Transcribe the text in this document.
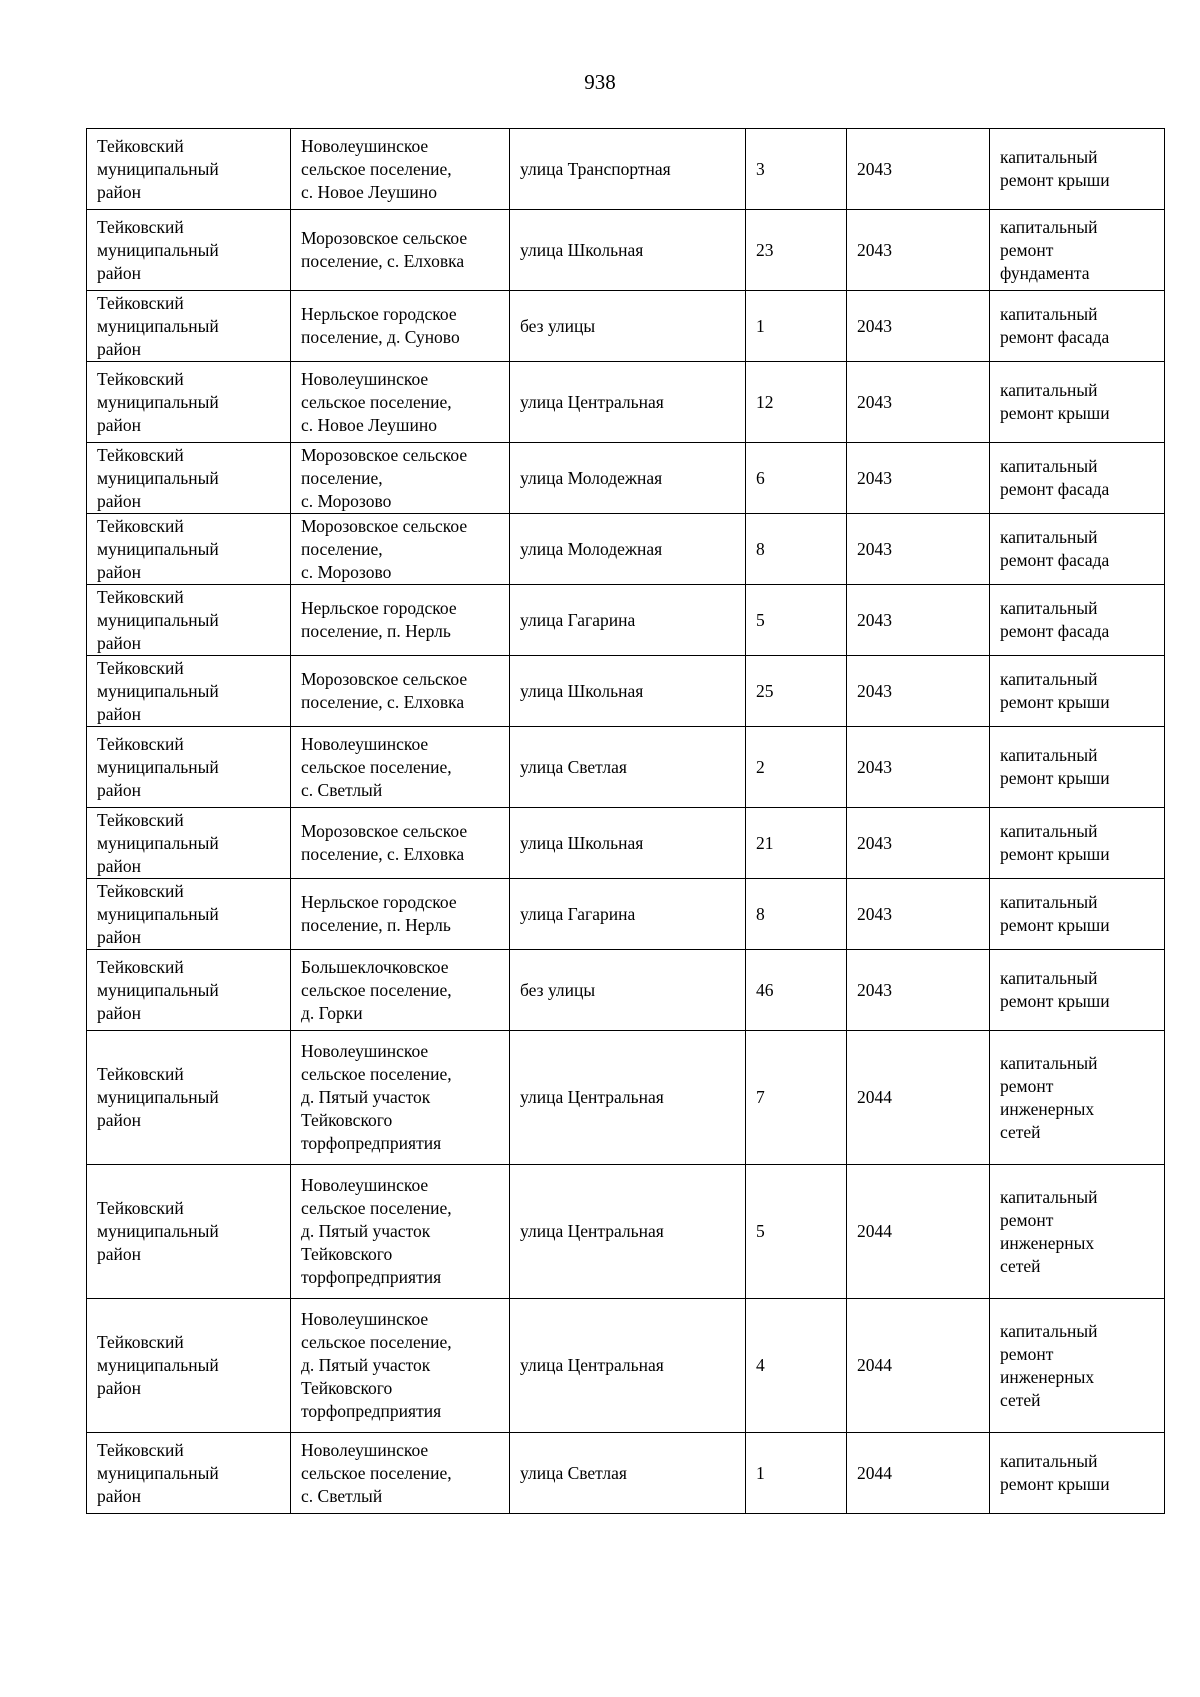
938
Тейковский
муниципальный
район	Новолеушинское
сельское поселение,
с. Новое Леушино	улица Транспортная	3	2043	капитальный
ремонт крыши
Тейковский
муниципальный
район	Морозовское сельское
поселение, с. Елховка	улица Школьная	23	2043	капитальный
ремонт
фундамента
Тейковский
муниципальный
район	Нерльское городское
поселение, д. Суново	без улицы	1	2043	капитальный
ремонт фасада
Тейковский
муниципальный
район	Новолеушинское
сельское поселение,
с. Новое Леушино	улица Центральная	12	2043	капитальный
ремонт крыши
Тейковский
муниципальный
район	Морозовское сельское
поселение,
с. Морозово	улица Молодежная	6	2043	капитальный
ремонт фасада
Тейковский
муниципальный
район	Морозовское сельское
поселение,
с. Морозово	улица Молодежная	8	2043	капитальный
ремонт фасада
Тейковский
муниципальный
район	Нерльское городское
поселение, п. Нерль	улица Гагарина	5	2043	капитальный
ремонт фасада
Тейковский
муниципальный
район	Морозовское сельское
поселение, с. Елховка	улица Школьная	25	2043	капитальный
ремонт крыши
Тейковский
муниципальный
район	Новолеушинское
сельское поселение,
с. Светлый	улица Светлая	2	2043	капитальный
ремонт крыши
Тейковский
муниципальный
район	Морозовское сельское
поселение, с. Елховка	улица Школьная	21	2043	капитальный
ремонт крыши
Тейковский
муниципальный
район	Нерльское городское
поселение, п. Нерль	улица Гагарина	8	2043	капитальный
ремонт крыши
Тейковский
муниципальный
район	Большеклочковское
сельское поселение,
д. Горки	без улицы	46	2043	капитальный
ремонт крыши
Тейковский
муниципальный
район	Новолеушинское
сельское поселение,
д. Пятый участок
Тейковского
торфопредприятия	улица Центральная	7	2044	капитальный
ремонт
инженерных
сетей
Тейковский
муниципальный
район	Новолеушинское
сельское поселение,
д. Пятый участок
Тейковского
торфопредприятия	улица Центральная	5	2044	капитальный
ремонт
инженерных
сетей
Тейковский
муниципальный
район	Новолеушинское
сельское поселение,
д. Пятый участок
Тейковского
торфопредприятия	улица Центральная	4	2044	капитальный
ремонт
инженерных
сетей
Тейковский
муниципальный
район	Новолеушинское
сельское поселение,
с. Светлый	улица Светлая	1	2044	капитальный
ремонт крыши
